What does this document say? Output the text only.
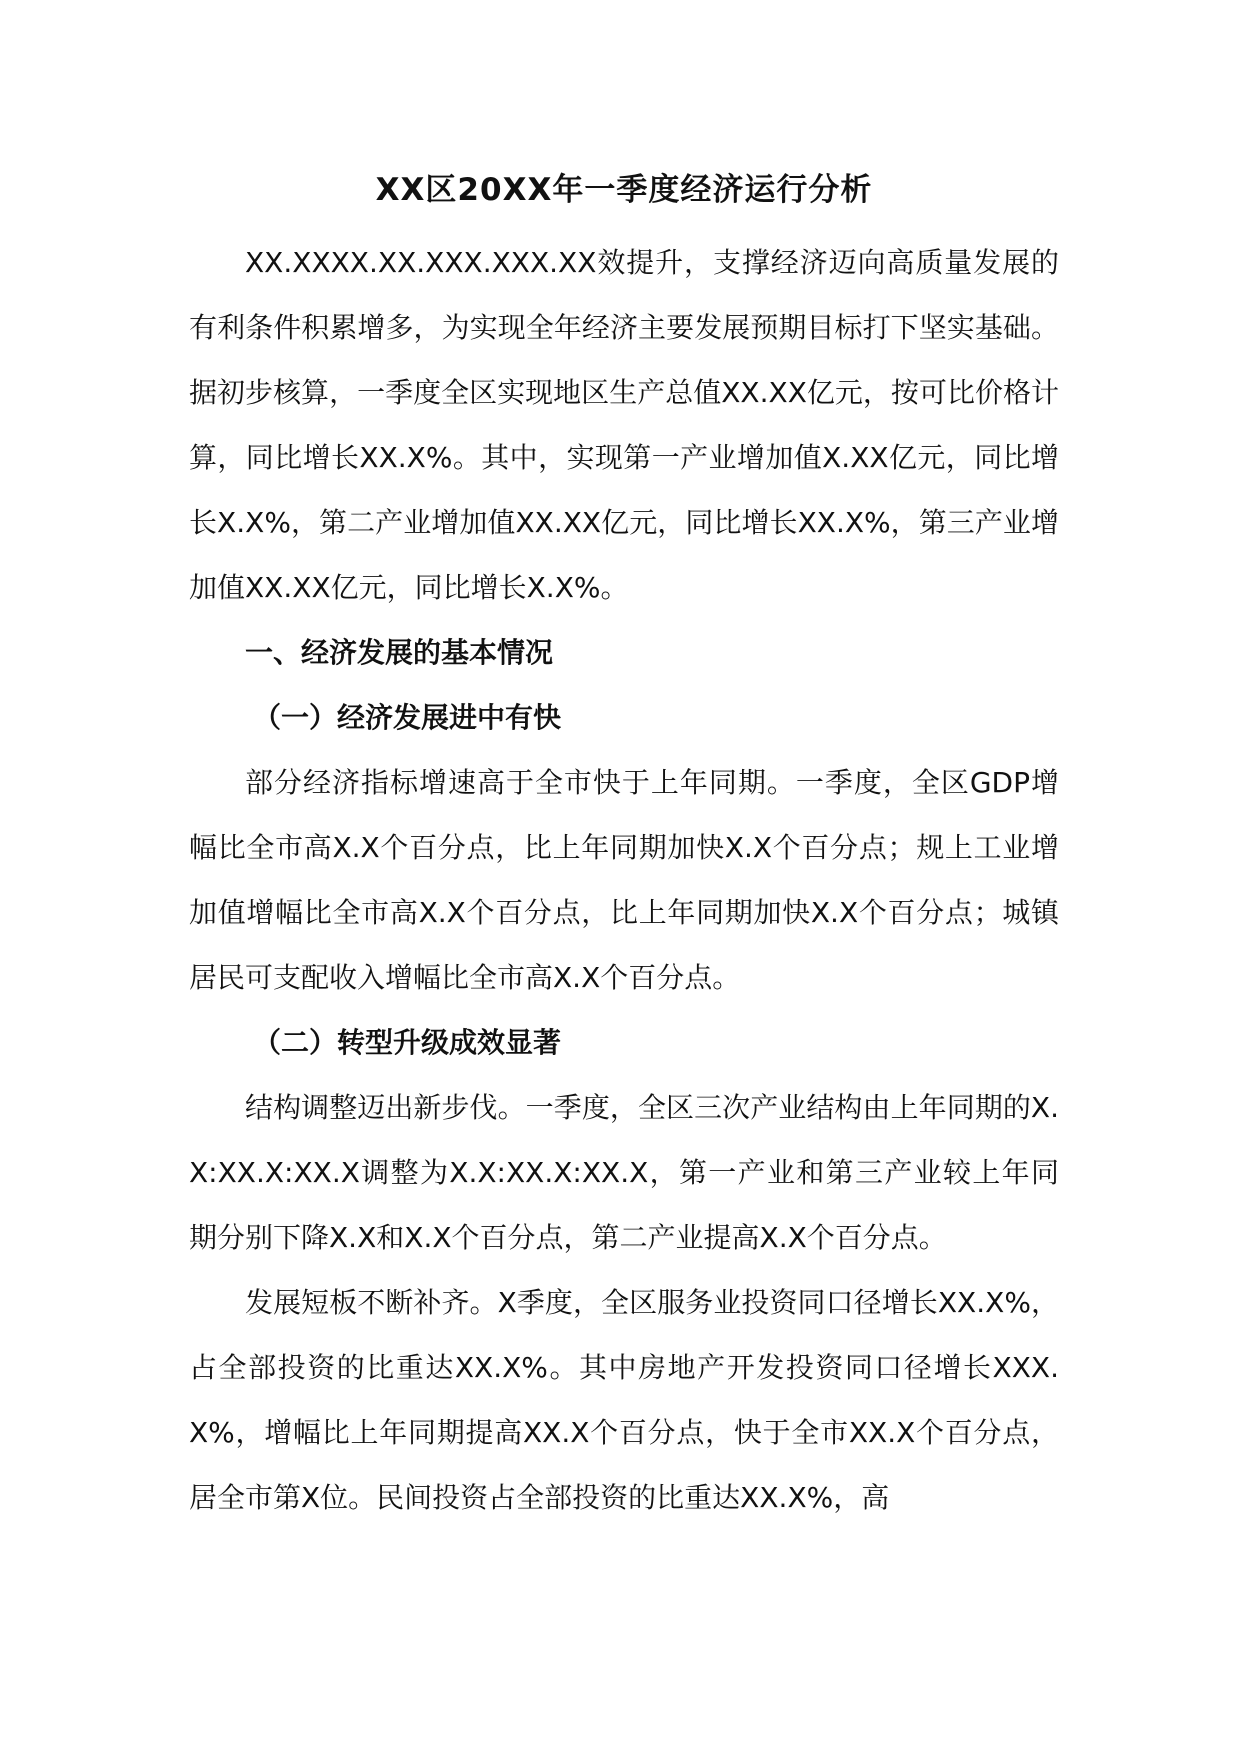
XX区20XX年一季度经济运行分析

XX.XXXX.XX.XXX.XXX.XX效提升，支撑经济迈向高质量发展的有利条件积累增多，为实现全年经济主要发展预期目标打下坚实基础。据初步核算，一季度全区实现地区生产总值XX.XX亿元，按可比价格计算，同比增长XX.X%。其中，实现第一产业增加值X.XX亿元，同比增长X.X%，第二产业增加值XX.XX亿元，同比增长XX.X%，第三产业增加值XX.XX亿元，同比增长X.X%。

一、经济发展的基本情况
（一）经济发展进中有快

部分经济指标增速高于全市快于上年同期。一季度，全区GDP增幅比全市高X.X个百分点，比上年同期加快X.X个百分点；规上工业增加值增幅比全市高X.X个百分点，比上年同期加快X.X个百分点；城镇居民可支配收入增幅比全市高X.X个百分点。

（二）转型升级成效显著

结构调整迈出新步伐。一季度，全区三次产业结构由上年同期的X.X:XX.X:XX.X调整为X.X:XX.X:XX.X，第一产业和第三产业较上年同期分别下降X.X和X.X个百分点，第二产业提高X.X个百分点。

发展短板不断补齐。X季度，全区服务业投资同口径增长XX.X%，占全部投资的比重达XX.X%。其中房地产开发投资同口径增长XXX.X%，增幅比上年同期提高XX.X个百分点，快于全市XX.X个百分点，居全市第X位。民间投资占全部投资的比重达XX.X%，高
